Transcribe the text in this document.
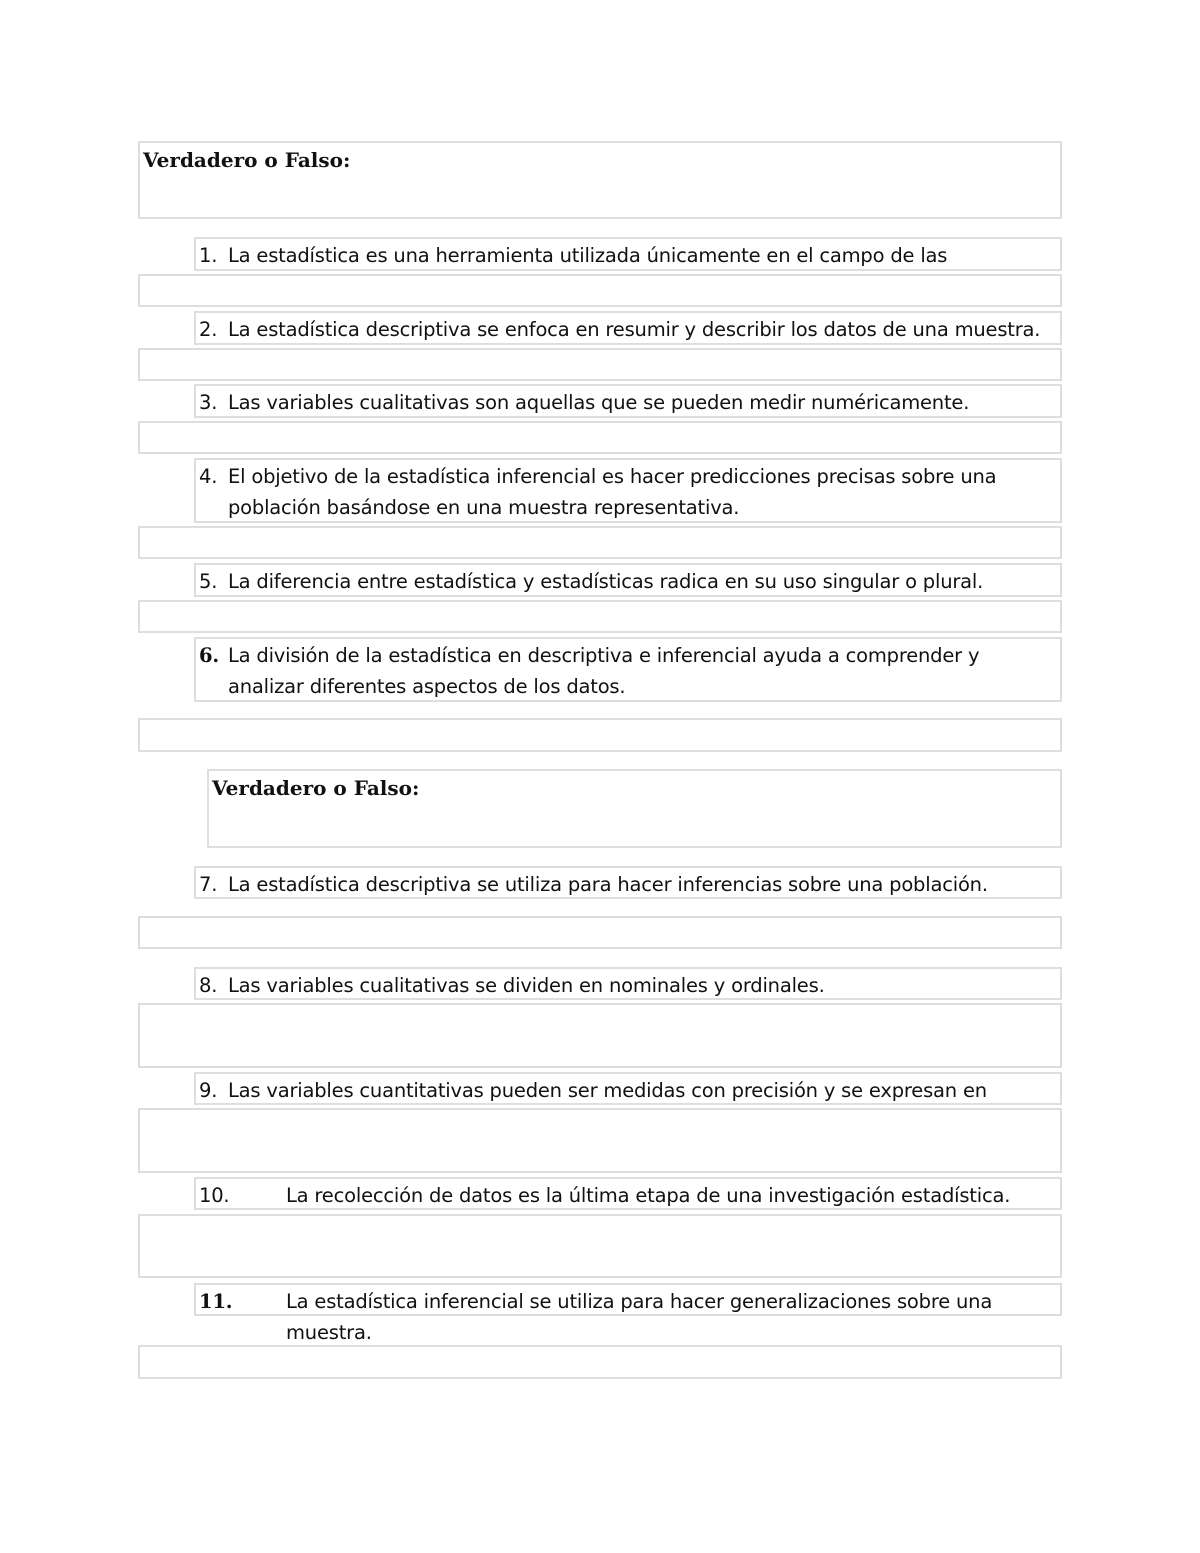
Verdadero o Falso:
1. La estadística es una herramienta utilizada únicamente en el campo de las
2. La estadística descriptiva se enfoca en resumir y describir los datos de una muestra.
3. Las variables cualitativas son aquellas que se pueden medir numéricamente.
4. El objetivo de la estadística inferencial es hacer predicciones precisas sobre una población basándose en una muestra representativa.
5. La diferencia entre estadística y estadísticas radica en su uso singular o plural.
6. La división de la estadística en descriptiva e inferencial ayuda a comprender y analizar diferentes aspectos de los datos.
Verdadero o Falso:
7. La estadística descriptiva se utiliza para hacer inferencias sobre una población.
8. Las variables cualitativas se dividen en nominales y ordinales.
9. Las variables cuantitativas pueden ser medidas con precisión y se expresan en
10.	La recolección de datos es la última etapa de una investigación estadística.
11.	La estadística inferencial se utiliza para hacer generalizaciones sobre una muestra.
